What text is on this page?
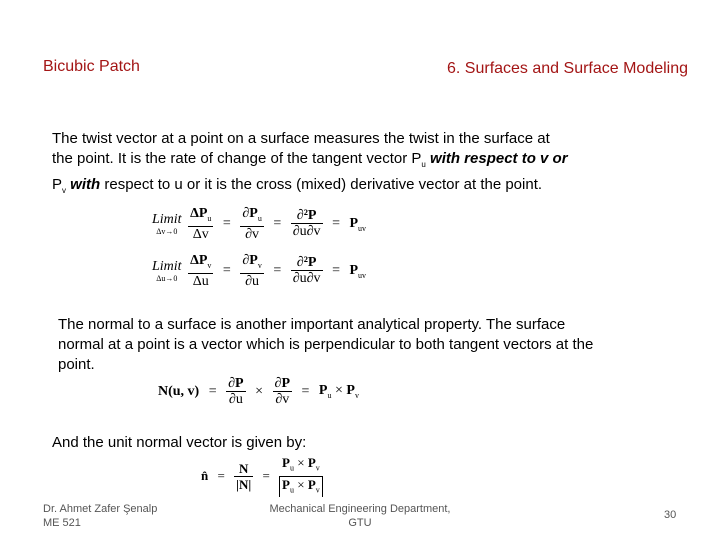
Bicubic Patch	6. Surfaces and Surface Modeling
The twist vector at a point on a surface measures the twist in the surface at
the point. It is the rate of change of the tangent vector $P_u$ with respect to v or
$P_v$ with respect to u or it is the cross (mixed) derivative vector at the point.
Limit
Δv→0
$\frac{\Delta P_u}{\Delta v} = \frac{\partial P_u}{\partial v} = \frac{\text{∂²P}}{\partial u\partial v} = P_{uv}$
Limit
Δu→0
$\frac{\Delta P_v}{\Delta u} = \frac{\partial P_v}{\partial u} = \frac{\text{∂²P}}{\partial u\partial v} = P_{uv}$
The normal to a surface is another important analytical property. The surface
normal at a point is a vector which is perpendicular to both tangent vectors at the
point.
N(u, $v) = \frac{\partial P}{\partial u} \times \frac{\partial P}{\partial v} = P_u \times P_v$
And the unit normal vector is given by:
n̂ = $\frac{N}{|N|} = \frac{P_u \times P_v}{P_u \times P_v}$
Dr. Ahmet Zafer Şenalp
ME 521
Mechanical Engineering Department,
GTU
30
